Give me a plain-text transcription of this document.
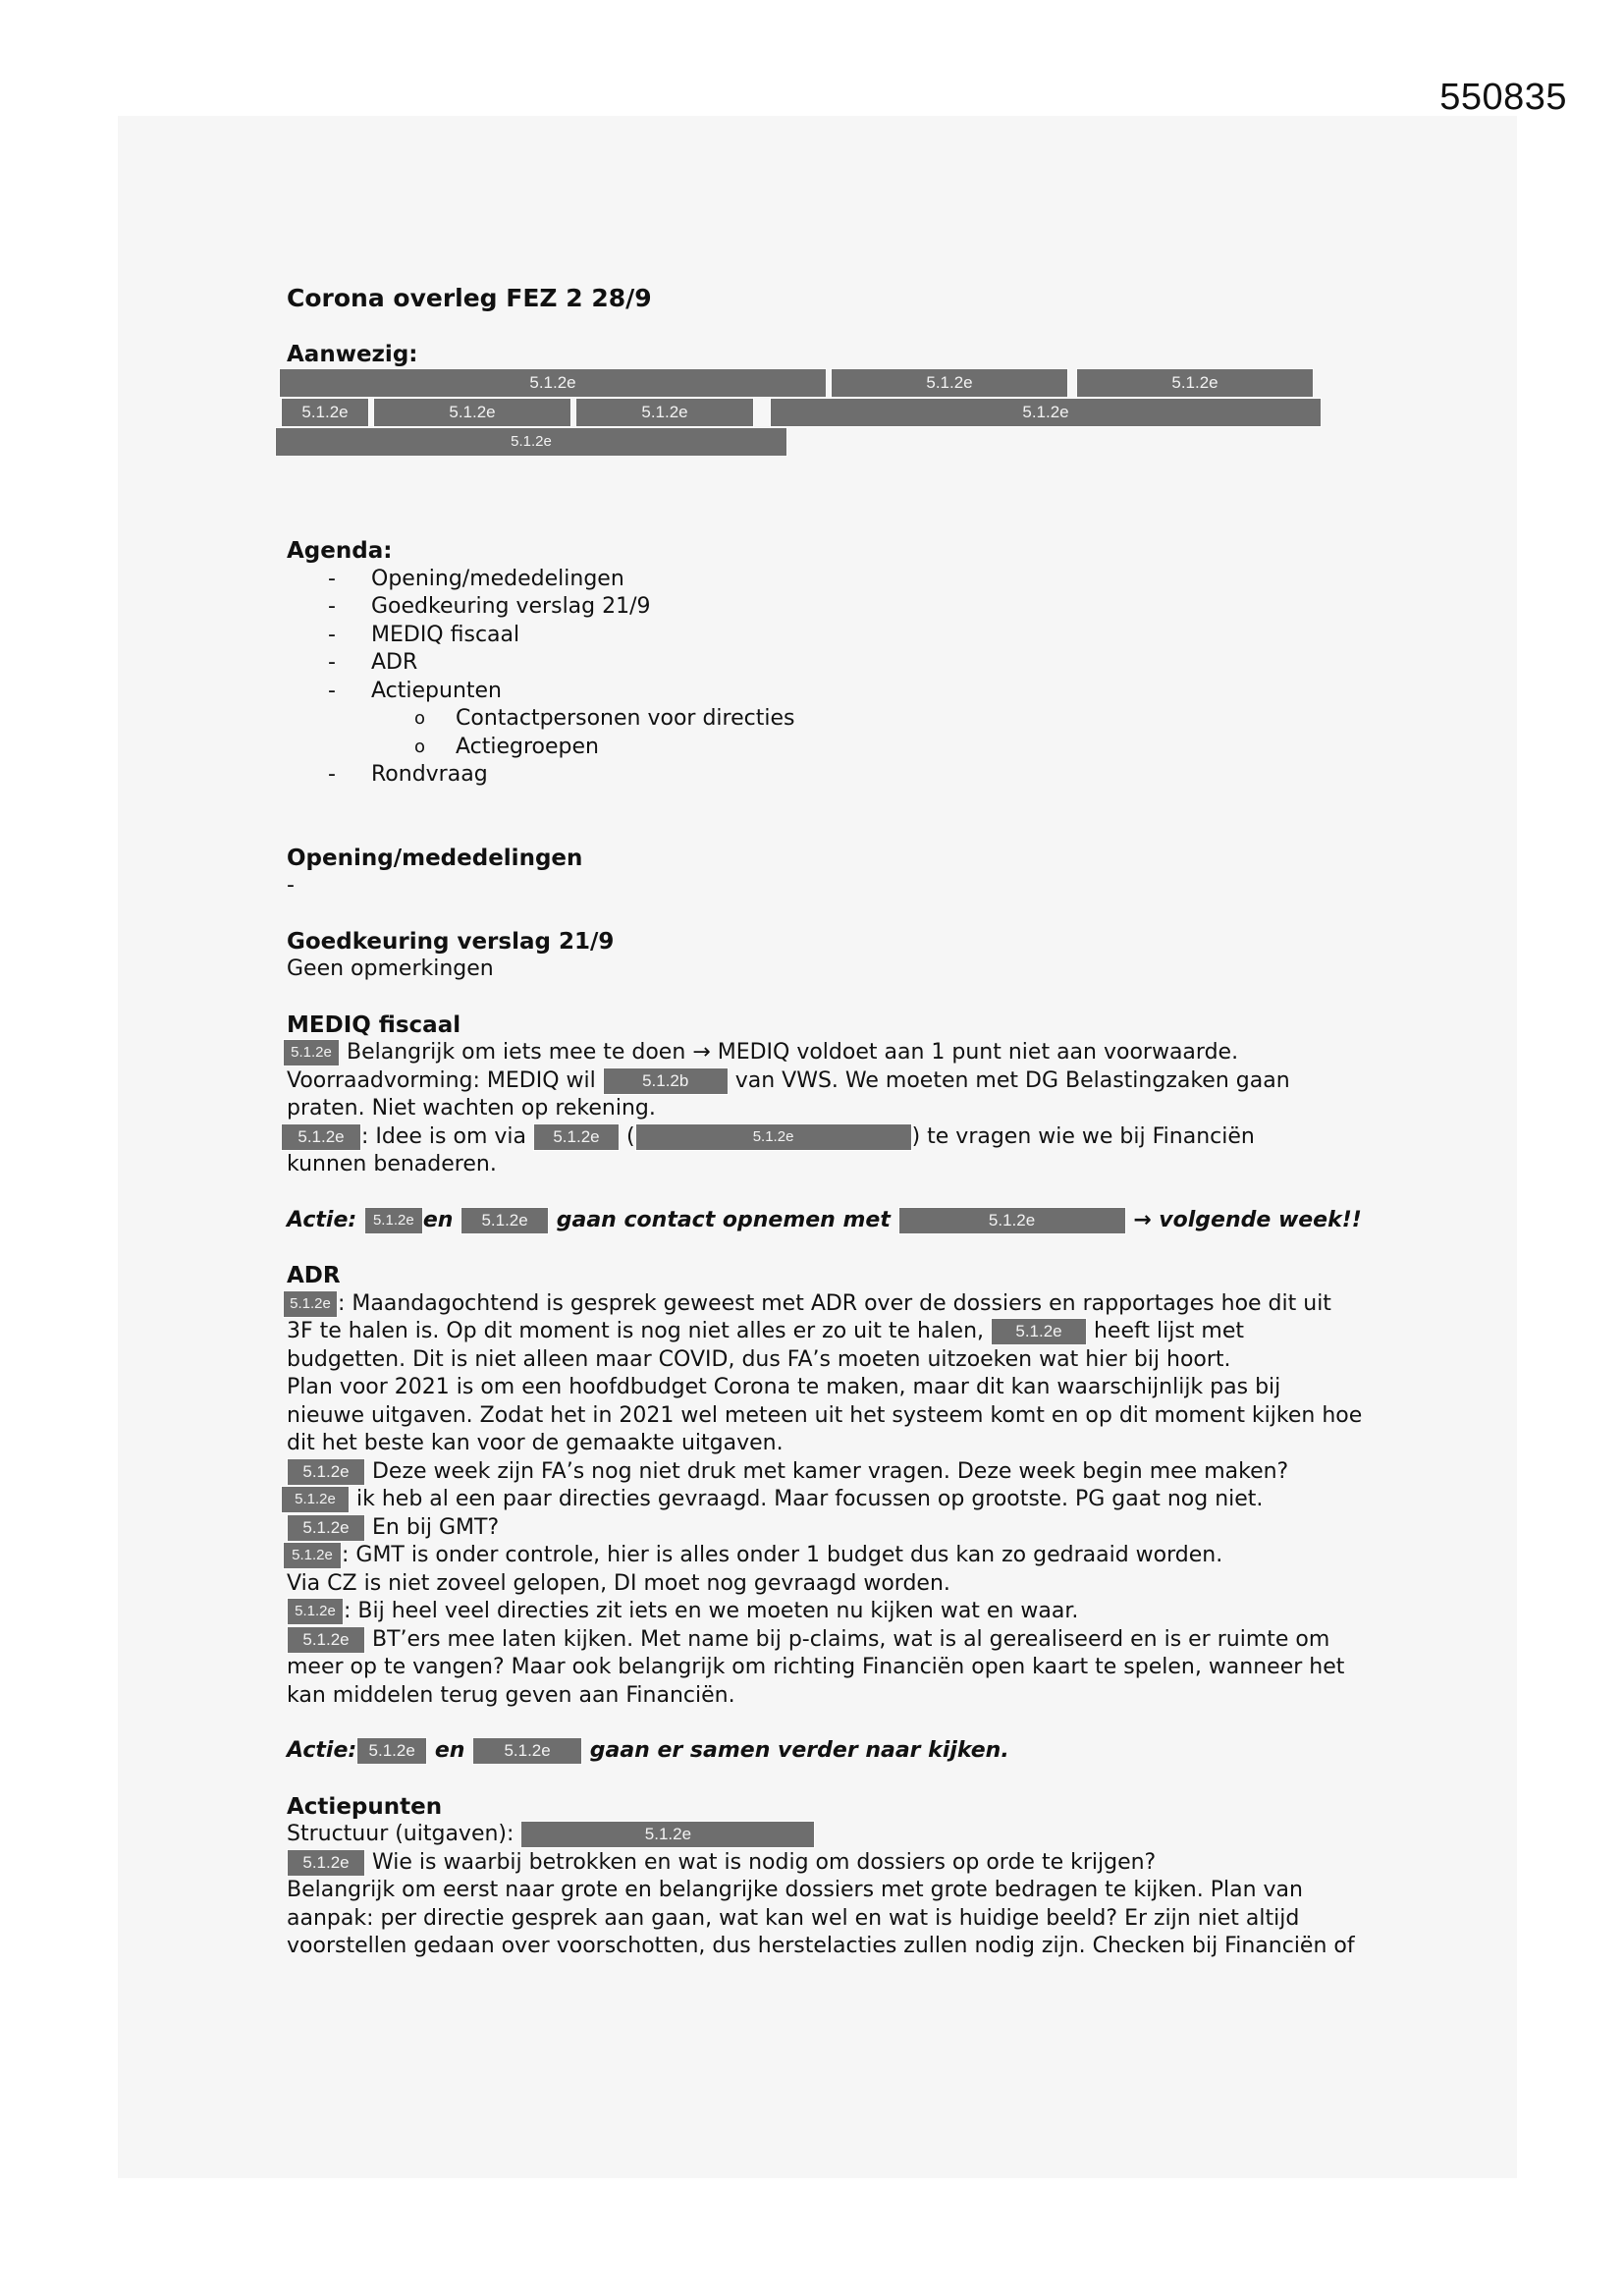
550835
Corona overleg FEZ 2 28/9
Aanwezig:
5.1.2e	5.1.2e	5.1.2e
5.1.2e	5.1.2e	5.1.2e	5.1.2e
5.1.2e
Agenda:
- Opening/mededelingen
- Goedkeuring verslag 21/9
- MEDIQ fiscaal
- ADR
- Actiepunten
o Contactpersonen voor directies
o Actiegroepen
- Rondvraag
Opening/mededelingen

-

Goedkeuring verslag 21/9

Geen opmerkingen

MEDIQ fiscaal

5.1.2e Belangrijk om iets mee te doen → MEDIQ voldoet aan 1 punt niet aan voorwaarde.
Voorraadvorming: MEDIQ wil 5.1.2b van VWS. We moeten met DG Belastingzaken gaan
praten. Niet wachten op rekening.
5.1.2e : Idee is om via 5.1.2e (	5.1.2e	) te vragen wie we bij Financiën
kunnen benaderen.

Actie: 5.1.2e en 5.1.2e gaan contact opnemen met	5.1.2e	→ volgende week!!

ADR

5.1.2e : Maandagochtend is gesprek geweest met ADR over de dossiers en rapportages hoe dit uit
3F te halen is. Op dit moment is nog niet alles er zo uit te halen, 5.1.2e heeft lijst met
budgetten. Dit is niet alleen maar COVID, dus FA’s moeten uitzoeken wat hier bij hoort.
Plan voor 2021 is om een hoofdbudget Corona te maken, maar dit kan waarschijnlijk pas bij
nieuwe uitgaven. Zodat het in 2021 wel meteen uit het systeem komt en op dit moment kijken hoe
dit het beste kan voor de gemaakte uitgaven.
5.1.2e Deze week zijn FA’s nog niet druk met kamer vragen. Deze week begin mee maken?
5.1.2e ik heb al een paar directies gevraagd. Maar focussen op grootste. PG gaat nog niet.
5.1.2e En bij GMT?
5.1.2e : GMT is onder controle, hier is alles onder 1 budget dus kan zo gedraaid worden.
Via CZ is niet zoveel gelopen, DI moet nog gevraagd worden.
5.1.2e : Bij heel veel directies zit iets en we moeten nu kijken wat en waar.
5.1.2e BT’ers mee laten kijken. Met name bij p-claims, wat is al gerealiseerd en is er ruimte om
meer op te vangen? Maar ook belangrijk om richting Financiën open kaart te spelen, wanneer het
kan middelen terug geven aan Financiën.

Actie: 5.1.2e en 5.1.2e gaan er samen verder naar kijken.

Actiepunten

Structuur (uitgaven):	5.1.2e
5.1.2e Wie is waarbij betrokken en wat is nodig om dossiers op orde te krijgen?
Belangrijk om eerst naar grote en belangrijke dossiers met grote bedragen te kijken. Plan van
aanpak: per directie gesprek aan gaan, wat kan wel en wat is huidige beeld? Er zijn niet altijd
voorstellen gedaan over voorschotten, dus herstelacties zullen nodig zijn. Checken bij Financiën of
